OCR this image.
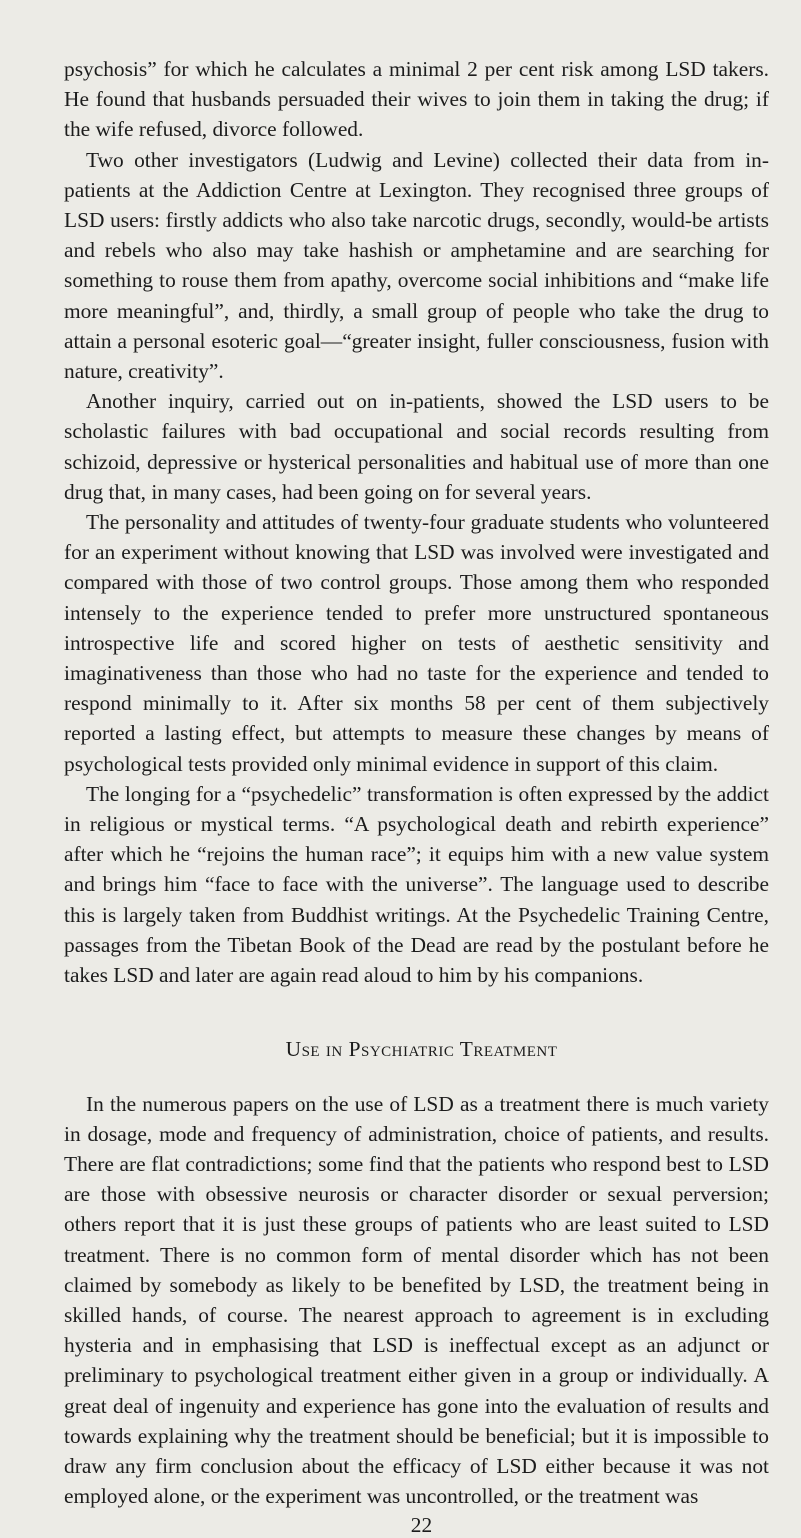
psychosis” for which he calculates a minimal 2 per cent risk among LSD takers. He found that husbands persuaded their wives to join them in taking the drug; if the wife refused, divorce followed.

Two other investigators (Ludwig and Levine) collected their data from in-patients at the Addiction Centre at Lexington. They recognised three groups of LSD users: firstly addicts who also take narcotic drugs, secondly, would-be artists and rebels who also may take hashish or amphetamine and are searching for something to rouse them from apathy, overcome social inhibitions and “make life more meaningful”, and, thirdly, a small group of people who take the drug to attain a personal esoteric goal—“greater insight, fuller consciousness, fusion with nature, creativity”.

Another inquiry, carried out on in-patients, showed the LSD users to be scholastic failures with bad occupational and social records resulting from schizoid, depressive or hysterical personalities and habitual use of more than one drug that, in many cases, had been going on for several years.

The personality and attitudes of twenty-four graduate students who volunteered for an experiment without knowing that LSD was involved were investigated and compared with those of two control groups. Those among them who responded intensely to the experience tended to prefer more unstructured spontaneous introspective life and scored higher on tests of aesthetic sensitivity and imaginativeness than those who had no taste for the experience and tended to respond minimally to it. After six months 58 per cent of them subjectively reported a lasting effect, but attempts to measure these changes by means of psychological tests provided only minimal evidence in support of this claim.

The longing for a “psychedelic” transformation is often expressed by the addict in religious or mystical terms. “A psychological death and rebirth experience” after which he “rejoins the human race”; it equips him with a new value system and brings him “face to face with the universe”. The language used to describe this is largely taken from Buddhist writings. At the Psychedelic Training Centre, passages from the Tibetan Book of the Dead are read by the postulant before he takes LSD and later are again read aloud to him by his companions.

Use in Psychiatric Treatment

In the numerous papers on the use of LSD as a treatment there is much variety in dosage, mode and frequency of administration, choice of patients, and results. There are flat contradictions; some find that the patients who respond best to LSD are those with obsessive neurosis or character disorder or sexual perversion; others report that it is just these groups of patients who are least suited to LSD treatment. There is no common form of mental disorder which has not been claimed by somebody as likely to be benefited by LSD, the treatment being in skilled hands, of course. The nearest approach to agreement is in excluding hysteria and in emphasising that LSD is ineffectual except as an adjunct or preliminary to psychological treatment either given in a group or individually. A great deal of ingenuity and experience has gone into the evaluation of results and towards explaining why the treatment should be beneficial; but it is impossible to draw any firm conclusion about the efficacy of LSD either because it was not employed alone, or the experiment was uncontrolled, or the treatment was

22
